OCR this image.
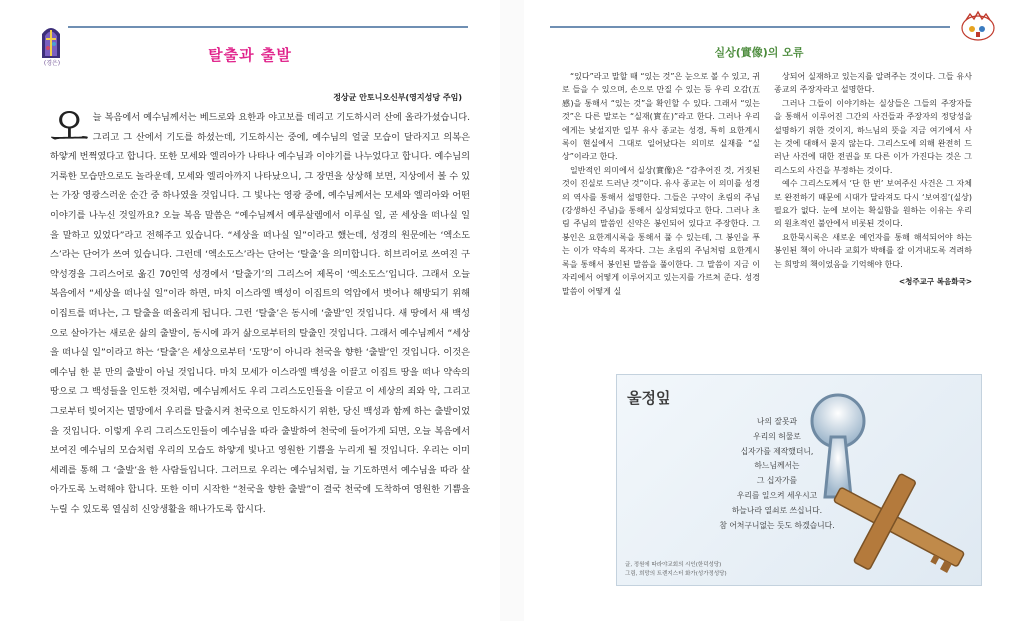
(경은)	탈출과 출발
정상균 안토니오신부(영지성당 주임)
오 늘 복음에서 예수님께서는 베드로와 요한과 야고보를 데리고 기도하시러 산에 올라가셨습니다. 그리고 그 산에서 기도를 하셨는데, 기도하시는 중에, 예수님의 얼굴 모습이 달라지고 의복은 하얗게 번쩍였다고 합니다. 또한 모세와 엘리아가 나타나 예수님과 이야기를 나누었다고 합니다. 예수님의 거룩한 모습만으로도 놀라운데, 모세와 엘리아까지 나타났으니, 그 장면을 상상해 보면, 지상에서 볼 수 있는 가장 영광스러운 순간 중 하나였을 것입니다. 그 빛나는 영광 중에, 예수님께서는 모세와 엘리아와 어떤 이야기를 나누신 것일까요? 오늘 복음 말씀은 “예수님께서 예루살렘에서 이루실 일, 곧 세상을 떠나실 일을 말하고 있었다”라고 전해주고 있습니다. “세상을 떠나실 일”이라고 했는데, 성경의 원문에는 ‘엑소도스’라는 단어가 쓰여 있습니다. 그런데 ‘엑소도스’라는 단어는 ‘탈출’을 의미합니다. 히브리어로 쓰여진 구약성경을 그리스어로 옮긴 70인역 성경에서 ‘탈출기’의 그리스어 제목이 ‘엑소도스’입니다. 그래서 오늘 복음에서 “세상을 떠나실 일”이라 하면, 마치 이스라엘 백성이 이집트의 억압에서 벗어나 해방되기 위해 이집트를 떠나는, 그 탈출을 떠올리게 됩니다. 그런 ‘탈출’은 동시에 ‘출발’인 것입니다. 새 땅에서 새 백성으로 살아가는 새로운 삶의 출발이, 동시에 과거 삶으로부터의 탈출인 것입니다. 그래서 예수님께서 “세상을 떠나실 일”이라고 하는 ‘탈출’은 세상으로부터 ‘도망’이 아니라 천국을 향한 ‘출발’인 것입니다. 이것은 예수님 한 분 만의 출발이 아닐 것입니다. 마치 모세가 이스라엘 백성을 이끌고 이집트 땅을 떠나 약속의 땅으로 그 백성들을 인도한 것처럼, 예수님께서도 우리 그리스도인들을 이끌고 이 세상의 죄와 악, 그리고 그로부터 빚어지는 멸망에서 우리를 탈출시켜 천국으로 인도하시기 위한, 당신 백성과 함께 하는 출발이었을 것입니다. 이렇게 우리 그리스도인들이 예수님을 따라 출발하여 천국에 들어가게 되면, 오늘 복음에서 보여진 예수님의 모습처럼 우리의 모습도 하얗게 빛나고 영원한 기쁨을 누리게 될 것입니다. 우리는 이미 세례를 통해 그 ‘출발’을 한 사람들입니다. 그러므로 우리는 예수님처럼, 늘 기도하면서 예수님을 따라 살아가도록 노력해야 합니다. 또한 이미 시작한 “천국을 향한 출발”이 결국 천국에 도착하여 영원한 기쁨을 누릴 수 있도록 열심히 신앙생활을 해나가도록 합시다.
실상(實像)의 오류

“있다”라고 말할 때 “있는 것”은 눈으로 볼 수 있고, 귀로 들을 수 있으며, 손으로 만질 수 있는 등 우리 오감(五感)을 통해서 “있는 것”을 확인할 수 있다. 그래서 “있는 것”은 다른 말로는 “실재(實在)”라고 한다. 그러나 우리에게는 낯설지만 일부 유사 종교는 성경, 특히 요한계시록이 현실에서 그대로 일어났다는 의미로 실재를 “실상”이라고 한다.

일반적인 의미에서 실상(實像)은 “감추어진 것, 거짓된 것이 진실로 드러난 것”이다. 유사 종교는 이 의미를 성경의 역사를 통해서 설명한다. 그들은 구약이 초림의 주님(강생하신 주님)을 통해서 실상되었다고 한다. 그러나 초림 주님의 말씀인 신약은 봉인되어 있다고 주장한다. 그 봉인은 요한계시록을 통해서 풀 수 있는데, 그 봉인을 푸는 이가 약속의 목자다. 그는 초림의 주님처럼 요한계시록을 통해서 봉인된 말씀을 풀이한다. 그 말씀이 지금 이 자리에서 어떻게 이루어지고 있는지를 가르쳐 준다. 성경 말씀이 어떻게 실

상되어 실재하고 있는지를 알려주는 것이다. 그들 유사 종교의 주장자라고 설명한다.

그러나 그들이 이야기하는 실상들은 그들의 주장자들을 통해서 이루어진 그간의 사건들과 주장자의 정당성을 설명하기 위한 것이지, 하느님의 뜻을 지금 여기에서 사는 것에 대해서 묻지 않는다. 그리스도에 의해 완전히 드러난 사건에 대한 전권을 또 다른 이가 가진다는 것은 그리스도의 사건을 부정하는 것이다.

예수 그리스도께서 ‘단 한 번’ 보여주신 사건은 그 자체로 완전하기 때문에 시대가 달라져도 다시 ‘보여짐’(실상) 필요가 없다. 눈에 보이는 확실함을 원하는 이유는 우리의 원초적인 불안에서 비롯된 것이다.

요한묵시록은 새로운 예언자를 통해 해석되어야 하는 봉인된 책이 아니라 교회가 박해를 잘 이겨내도록 격려하는 희망의 책이었음을 기억해야 한다.

<청주교구 복음화국>
울정잎
나의 잘못과
우리의 허물로
십자가를 제작했더니,
하느님께서는
그 십자가를
우리를 일으켜 세우시고
하늘나라 열쇠로 쓰십니다.
참 어처구니없는 듯도 하겠습니다.
글, 정원에 따라야교회의 시인(한덕성당)
그림, 희망의 트렌지스터 화가(성가정성당)
